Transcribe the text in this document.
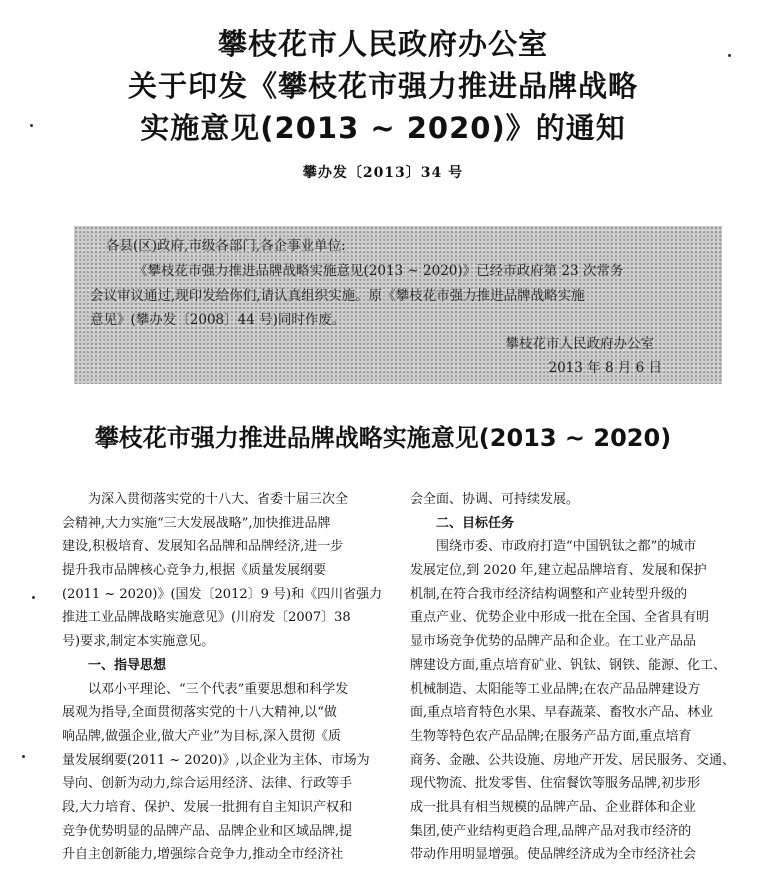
攀枝花市人民政府办公室
关于印发《攀枝花市强力推进品牌战略
实施意见(2013 ~ 2020)》的通知
攀办发〔2013〕34 号
各县(区)政府,市级各部门,各企事业单位:
《攀枝花市强力推进品牌战略实施意见(2013 ~ 2020)》已经市政府第 23 次常务
会议审议通过,现印发给你们,请认真组织实施。原《攀枝花市强力推进品牌战略实施
意见》(攀办发〔2008〕44 号)同时作废。
攀枝花市人民政府办公室
2013 年 8 月 6 日
攀枝花市强力推进品牌战略实施意见(2013 ~ 2020)
为深入贯彻落实党的十八大、省委十届三次全
会精神,大力实施“三大发展战略”,加快推进品牌
建设,积极培育、发展知名品牌和品牌经济,进一步
提升我市品牌核心竞争力,根据《质量发展纲要
(2011 ~ 2020)》(国发〔2012〕9 号)和《四川省强力
推进工业品牌战略实施意见》(川府发〔2007〕38
号)要求,制定本实施意见。
一、指导思想
以邓小平理论、“三个代表”重要思想和科学发
展观为指导,全面贯彻落实党的十八大精神,以“做
响品牌,做强企业,做大产业”为目标,深入贯彻《质
量发展纲要(2011 ~ 2020)》,以企业为主体、市场为
导向、创新为动力,综合运用经济、法律、行政等手
段,大力培育、保护、发展一批拥有自主知识产权和
竞争优势明显的品牌产品、品牌企业和区域品牌,提
升自主创新能力,增强综合竞争力,推动全市经济社
会全面、协调、可持续发展。
二、目标任务
围绕市委、市政府打造“中国钒钛之都”的城市
发展定位,到 2020 年,建立起品牌培育、发展和保护
机制,在符合我市经济结构调整和产业转型升级的
重点产业、优势企业中形成一批在全国、全省具有明
显市场竞争优势的品牌产品和企业。在工业产品品
牌建设方面,重点培育矿业、钒钛、钢铁、能源、化工、
机械制造、太阳能等工业品牌;在农产品品牌建设方
面,重点培育特色水果、早春蔬菜、畜牧水产品、林业
生物等特色农产品品牌;在服务产品方面,重点培育
商务、金融、公共设施、房地产开发、居民服务、交通、
现代物流、批发零售、住宿餐饮等服务品牌,初步形
成一批具有相当规模的品牌产品、企业群体和企业
集团,使产业结构更趋合理,品牌产品对我市经济的
带动作用明显增强。使品牌经济成为全市经济社会
